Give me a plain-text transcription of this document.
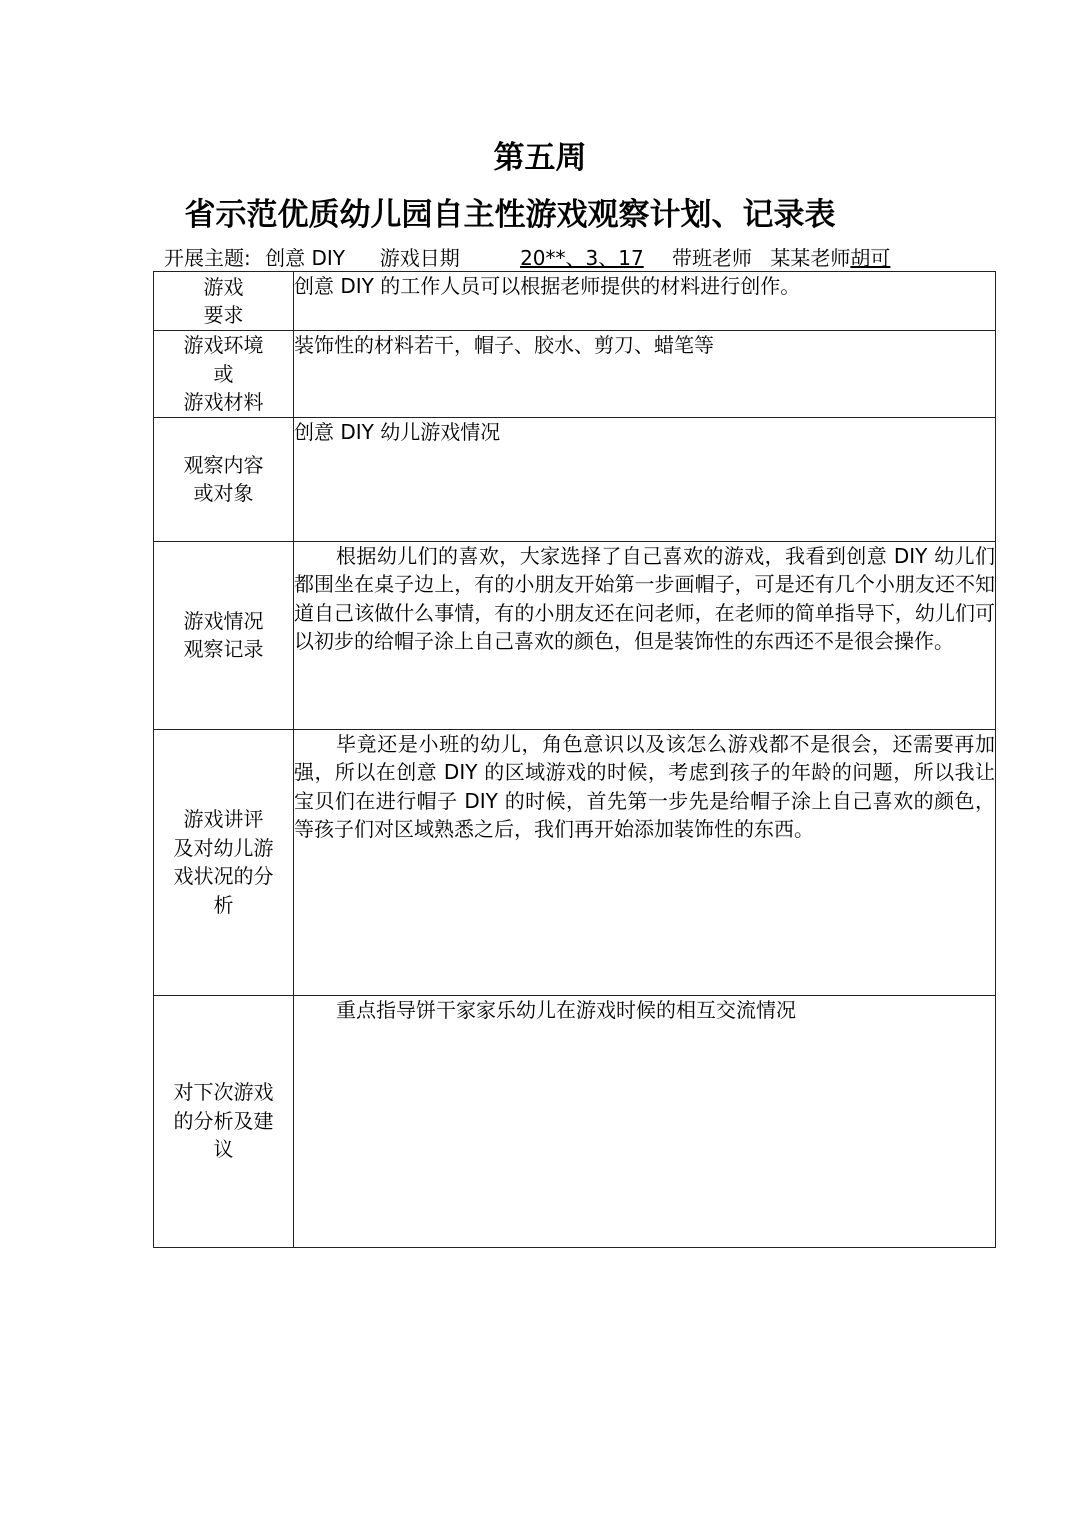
第五周
省示范优质幼儿园自主性游戏观察计划、记录表
开展主题: 创意 DIY 游戏日期	20**、3、17 带班老师 某某老师胡可
游戏
要求	创意 DIY 的工作人员可以根据老师提供的材料进行创作。

游戏环境
或
游戏材料	装饰性的材料若干，帽子、胶水、剪刀、蜡笔等

观察内容
或对象	创意 DIY 幼儿游戏情况

游戏情况
观察记录	根据幼儿们的喜欢，大家选择了自己喜欢的游戏，我看到创意 DIY 幼儿们都围坐在桌子边上，有的小朋友开始第一步画帽子，可是还有几个小朋友还不知道自己该做什么事情，有的小朋友还在问老师，在老师的简单指导下，幼儿们可以初步的给帽子涂上自己喜欢的颜色，但是装饰性的东西还不是很会操作。

游戏讲评
及对幼儿游
戏状况的分
析	毕竟还是小班的幼儿，角色意识以及该怎么游戏都不是很会，还需要再加强，所以在创意 DIY 的区域游戏的时候，考虑到孩子的年龄的问题，所以我让宝贝们在进行帽子 DIY 的时候，首先第一步先是给帽子涂上自己喜欢的颜色，等孩子们对区域熟悉之后，我们再开始添加装饰性的东西。

对下次游戏
的分析及建
议	重点指导饼干家家乐幼儿在游戏时候的相互交流情况
